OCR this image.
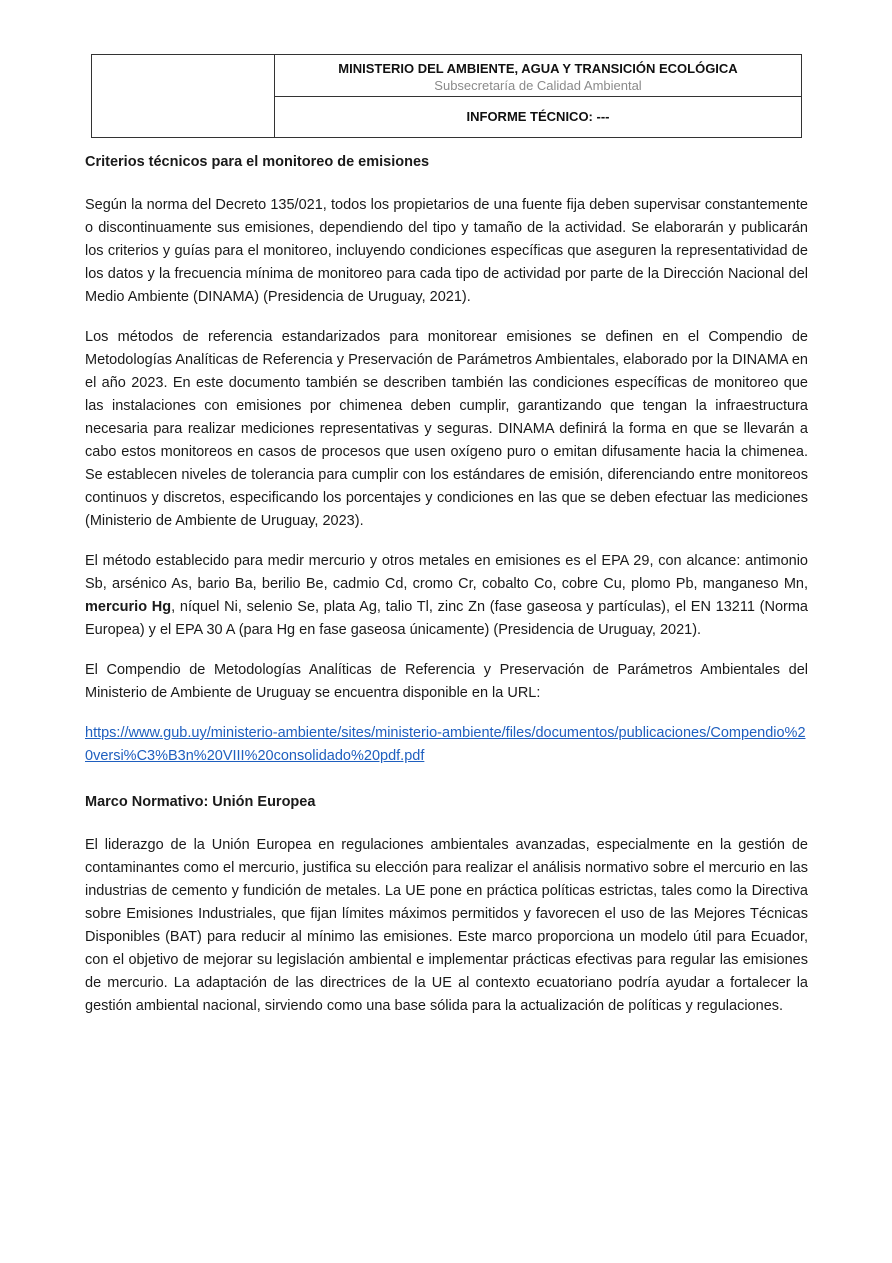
MINISTERIO DEL AMBIENTE, AGUA Y TRANSICIÓN ECOLÓGICA
Subsecretaría de Calidad Ambiental
INFORME TÉCNICO: ---
Criterios técnicos para el monitoreo de emisiones

Según la norma del Decreto 135/021, todos los propietarios de una fuente fija deben supervisar constantemente o discontinuamente sus emisiones, dependiendo del tipo y tamaño de la actividad. Se elaborarán y publicarán los criterios y guías para el monitoreo, incluyendo condiciones específicas que aseguren la representatividad de los datos y la frecuencia mínima de monitoreo para cada tipo de actividad por parte de la Dirección Nacional del Medio Ambiente (DINAMA) (Presidencia de Uruguay, 2021).

Los métodos de referencia estandarizados para monitorear emisiones se definen en el Compendio de Metodologías Analíticas de Referencia y Preservación de Parámetros Ambientales, elaborado por la DINAMA en el año 2023. En este documento también se describen también las condiciones específicas de monitoreo que las instalaciones con emisiones por chimenea deben cumplir, garantizando que tengan la infraestructura necesaria para realizar mediciones representativas y seguras. DINAMA definirá la forma en que se llevarán a cabo estos monitoreos en casos de procesos que usen oxígeno puro o emitan difusamente hacia la chimenea. Se establecen niveles de tolerancia para cumplir con los estándares de emisión, diferenciando entre monitoreos continuos y discretos, especificando los porcentajes y condiciones en las que se deben efectuar las mediciones (Ministerio de Ambiente de Uruguay, 2023).

El método establecido para medir mercurio y otros metales en emisiones es el EPA 29, con alcance: antimonio Sb, arsénico As, bario Ba, berilio Be, cadmio Cd, cromo Cr, cobalto Co, cobre Cu, plomo Pb, manganeso Mn, mercurio Hg, níquel Ni, selenio Se, plata Ag, talio Tl, zinc Zn (fase gaseosa y partículas), el EN 13211 (Norma Europea) y el EPA 30 A (para Hg en fase gaseosa únicamente) (Presidencia de Uruguay, 2021).

El Compendio de Metodologías Analíticas de Referencia y Preservación de Parámetros Ambientales del Ministerio de Ambiente de Uruguay se encuentra disponible en la URL:

https://www.gub.uy/ministerio-ambiente/sites/ministerio-ambiente/files/documentos/publicaciones/Compendio%20versi%C3%B3n%20VIII%20consolidado%20pdf.pdf
Marco Normativo: Unión Europea

El liderazgo de la Unión Europea en regulaciones ambientales avanzadas, especialmente en la gestión de contaminantes como el mercurio, justifica su elección para realizar el análisis normativo sobre el mercurio en las industrias de cemento y fundición de metales. La UE pone en práctica políticas estrictas, tales como la Directiva sobre Emisiones Industriales, que fijan límites máximos permitidos y favorecen el uso de las Mejores Técnicas Disponibles (BAT) para reducir al mínimo las emisiones. Este marco proporciona un modelo útil para Ecuador, con el objetivo de mejorar su legislación ambiental e implementar prácticas efectivas para regular las emisiones de mercurio. La adaptación de las directrices de la UE al contexto ecuatoriano podría ayudar a fortalecer la gestión ambiental nacional, sirviendo como una base sólida para la actualización de políticas y regulaciones.
